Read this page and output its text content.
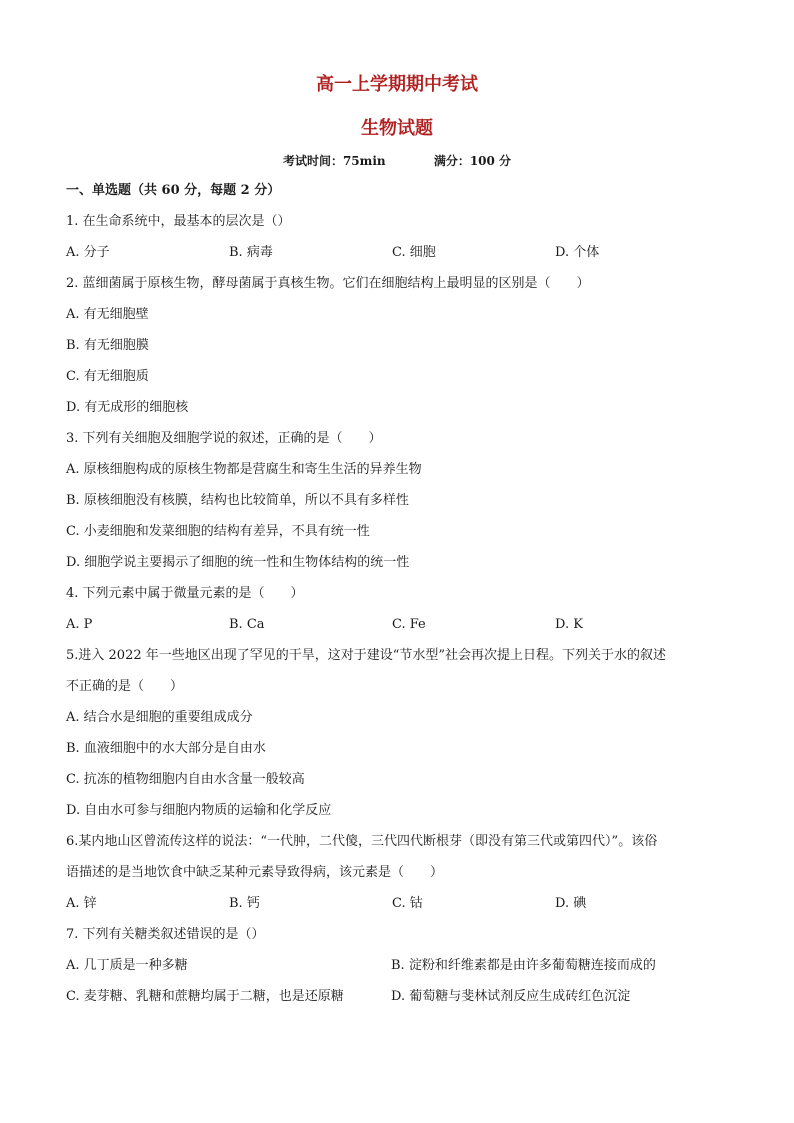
高一上学期期中考试
生物试题
考试时间：75min	满分：100 分
一、单选题（共 60 分，每题 2 分）
1. 在生命系统中，最基本的层次是（）
A. 分子	B. 病毒	C. 细胞	D. 个体
2. 蓝细菌属于原核生物，酵母菌属于真核生物。它们在细胞结构上最明显的区别是（　　）
A. 有无细胞壁
B. 有无细胞膜
C. 有无细胞质
D. 有无成形的细胞核
3. 下列有关细胞及细胞学说的叙述，正确的是（　　）
A. 原核细胞构成的原核生物都是营腐生和寄生生活的异养生物
B. 原核细胞没有核膜，结构也比较简单，所以不具有多样性
C. 小麦细胞和发菜细胞的结构有差异，不具有统一性
D. 细胞学说主要揭示了细胞的统一性和生物体结构的统一性
4. 下列元素中属于微量元素的是（　　）
A. P	B. Ca	C. Fe	D. K
5.进入 2022 年一些地区出现了罕见的干旱，这对于建设“节水型”社会再次提上日程。下列关于水的叙述
不正确的是（　　）
A. 结合水是细胞的重要组成成分
B. 血液细胞中的水大部分是自由水
C. 抗冻的植物细胞内自由水含量一般较高
D. 自由水可参与细胞内物质的运输和化学反应
6.某内地山区曾流传这样的说法：“一代肿，二代傻，三代四代断根芽（即没有第三代或第四代）”。该俗
语描述的是当地饮食中缺乏某种元素导致得病，该元素是（　　）
A. 锌	B. 钙	C. 钴	D. 碘
7. 下列有关糖类叙述错误的是（）
A. 几丁质是一种多糖	B. 淀粉和纤维素都是由许多葡萄糖连接而成的
C. 麦芽糖、乳糖和蔗糖均属于二糖，也是还原糖	D. 葡萄糖与斐林试剂反应生成砖红色沉淀
